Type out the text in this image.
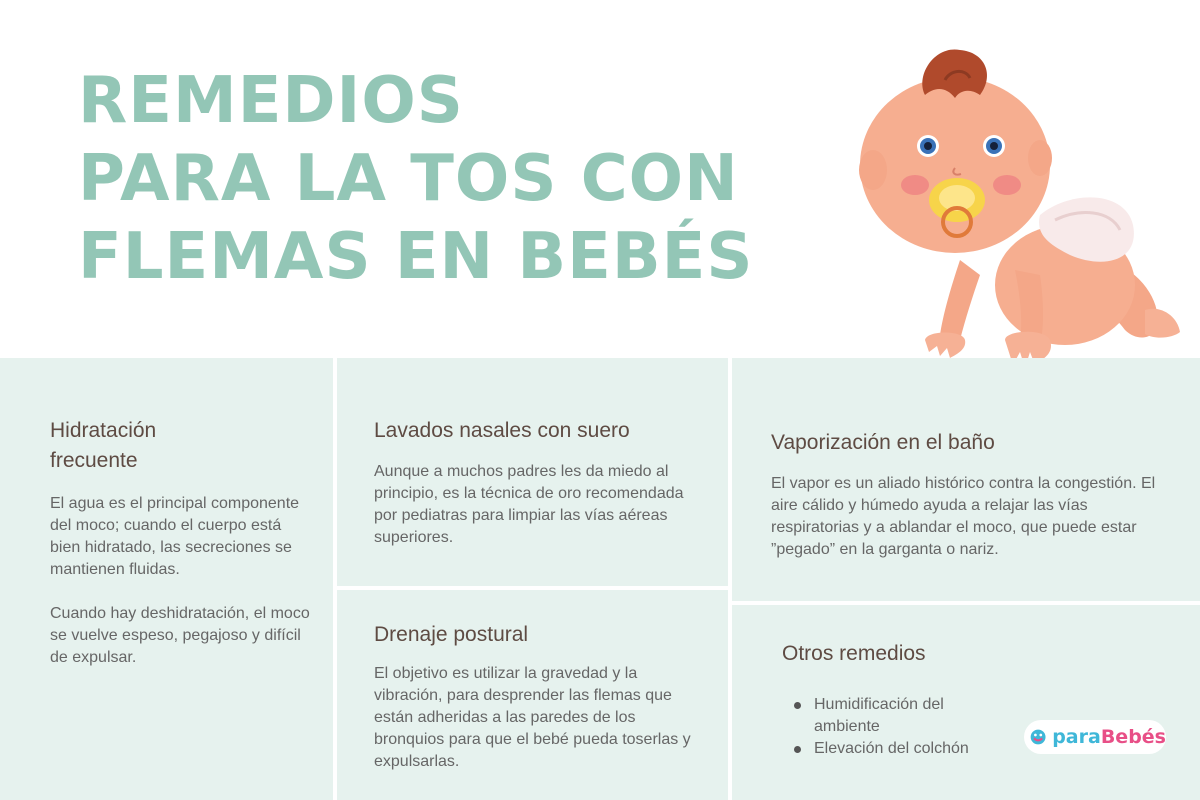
REMEDIOS
PARA LA TOS CON
FLEMAS EN BEBÉS
Hidratación
frecuente

El agua es el principal componente del moco; cuando el cuerpo está bien hidratado, las secreciones se mantienen fluidas.

Cuando hay deshidratación, el moco se vuelve espeso, pegajoso y difícil de expulsar.

Lavados nasales con suero

Aunque a muchos padres les da miedo al principio, es la técnica de oro recomendada por pediatras para limpiar las vías aéreas superiores.

Vaporización en el baño

El vapor es un aliado histórico contra la congestión. El aire cálido y húmedo ayuda a relajar las vías respiratorias y a ablandar el moco, que puede estar ”pegado” en la garganta o nariz.

Drenaje postural

El objetivo es utilizar la gravedad y la vibración, para desprender las flemas que están adheridas a las paredes de los bronquios para que el bebé pueda toserlas y expulsarlas.

Otros remedios
Humidificación del ambiente
Elevación del colchón
paraBebés
